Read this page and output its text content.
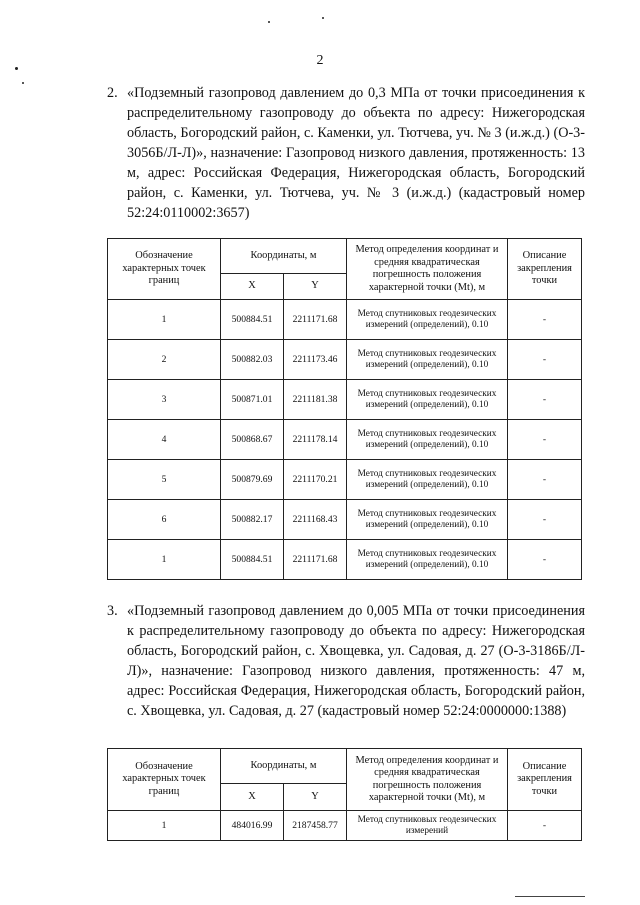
2
2. «Подземный газопровод давлением до 0,3 МПа от точки присоединения к распределительному газопроводу до объекта по адресу: Нижегородская область, Богородский район, с. Каменки, ул. Тютчева, уч. № 3 (и.ж.д.) (О-3-3056Б/Л-Л)», назначение: Газопровод низкого давления, протяженность: 13 м, адрес: Российская Федерация, Нижегородская область, Богородский район, с. Каменки, ул. Тютчева, уч. № 3 (и.ж.д.) (кадастровый номер 52:24:0110002:3657)

Обозначение характерных точек границ	Координаты, м		Метод определения координат и средняя квадратическая погрешность положения характерной точки (Мt), м	Описание закрепления точки
	X	Y		
1	500884.51	2211171.68	Метод спутниковых геодезических измерений (определений), 0.10	-
2	500882.03	2211173.46	Метод спутниковых геодезических измерений (определений), 0.10	-
3	500871.01	2211181.38	Метод спутниковых геодезических измерений (определений), 0.10	-
4	500868.67	2211178.14	Метод спутниковых геодезических измерений (определений), 0.10	-
5	500879.69	2211170.21	Метод спутниковых геодезических измерений (определений), 0.10	-
6	500882.17	2211168.43	Метод спутниковых геодезических измерений (определений), 0.10	-
1	500884.51	2211171.68	Метод спутниковых геодезических измерений (определений), 0.10	-
3. «Подземный газопровод давлением до 0,005 МПа от точки присоединения к распределительному газопроводу до объекта по адресу: Нижегородская область, Богородский район, с. Хвощевка, ул. Садовая, д. 27 (О-3-3186Б/Л-Л)», назначение: Газопровод низкого давления, протяженность: 47 м, адрес: Российская Федерация, Нижегородская область, Богородский район, с. Хвощевка, ул. Садовая, д. 27 (кадастровый номер 52:24:0000000:1388)

Обозначение характерных точек границ	Координаты, м		Метод определения координат и средняя квадратическая погрешность положения характерной точки (Мt), м	Описание закрепления точки
	X	Y		
1	484016.99	2187458.77	Метод спутниковых геодезических измерений	-
